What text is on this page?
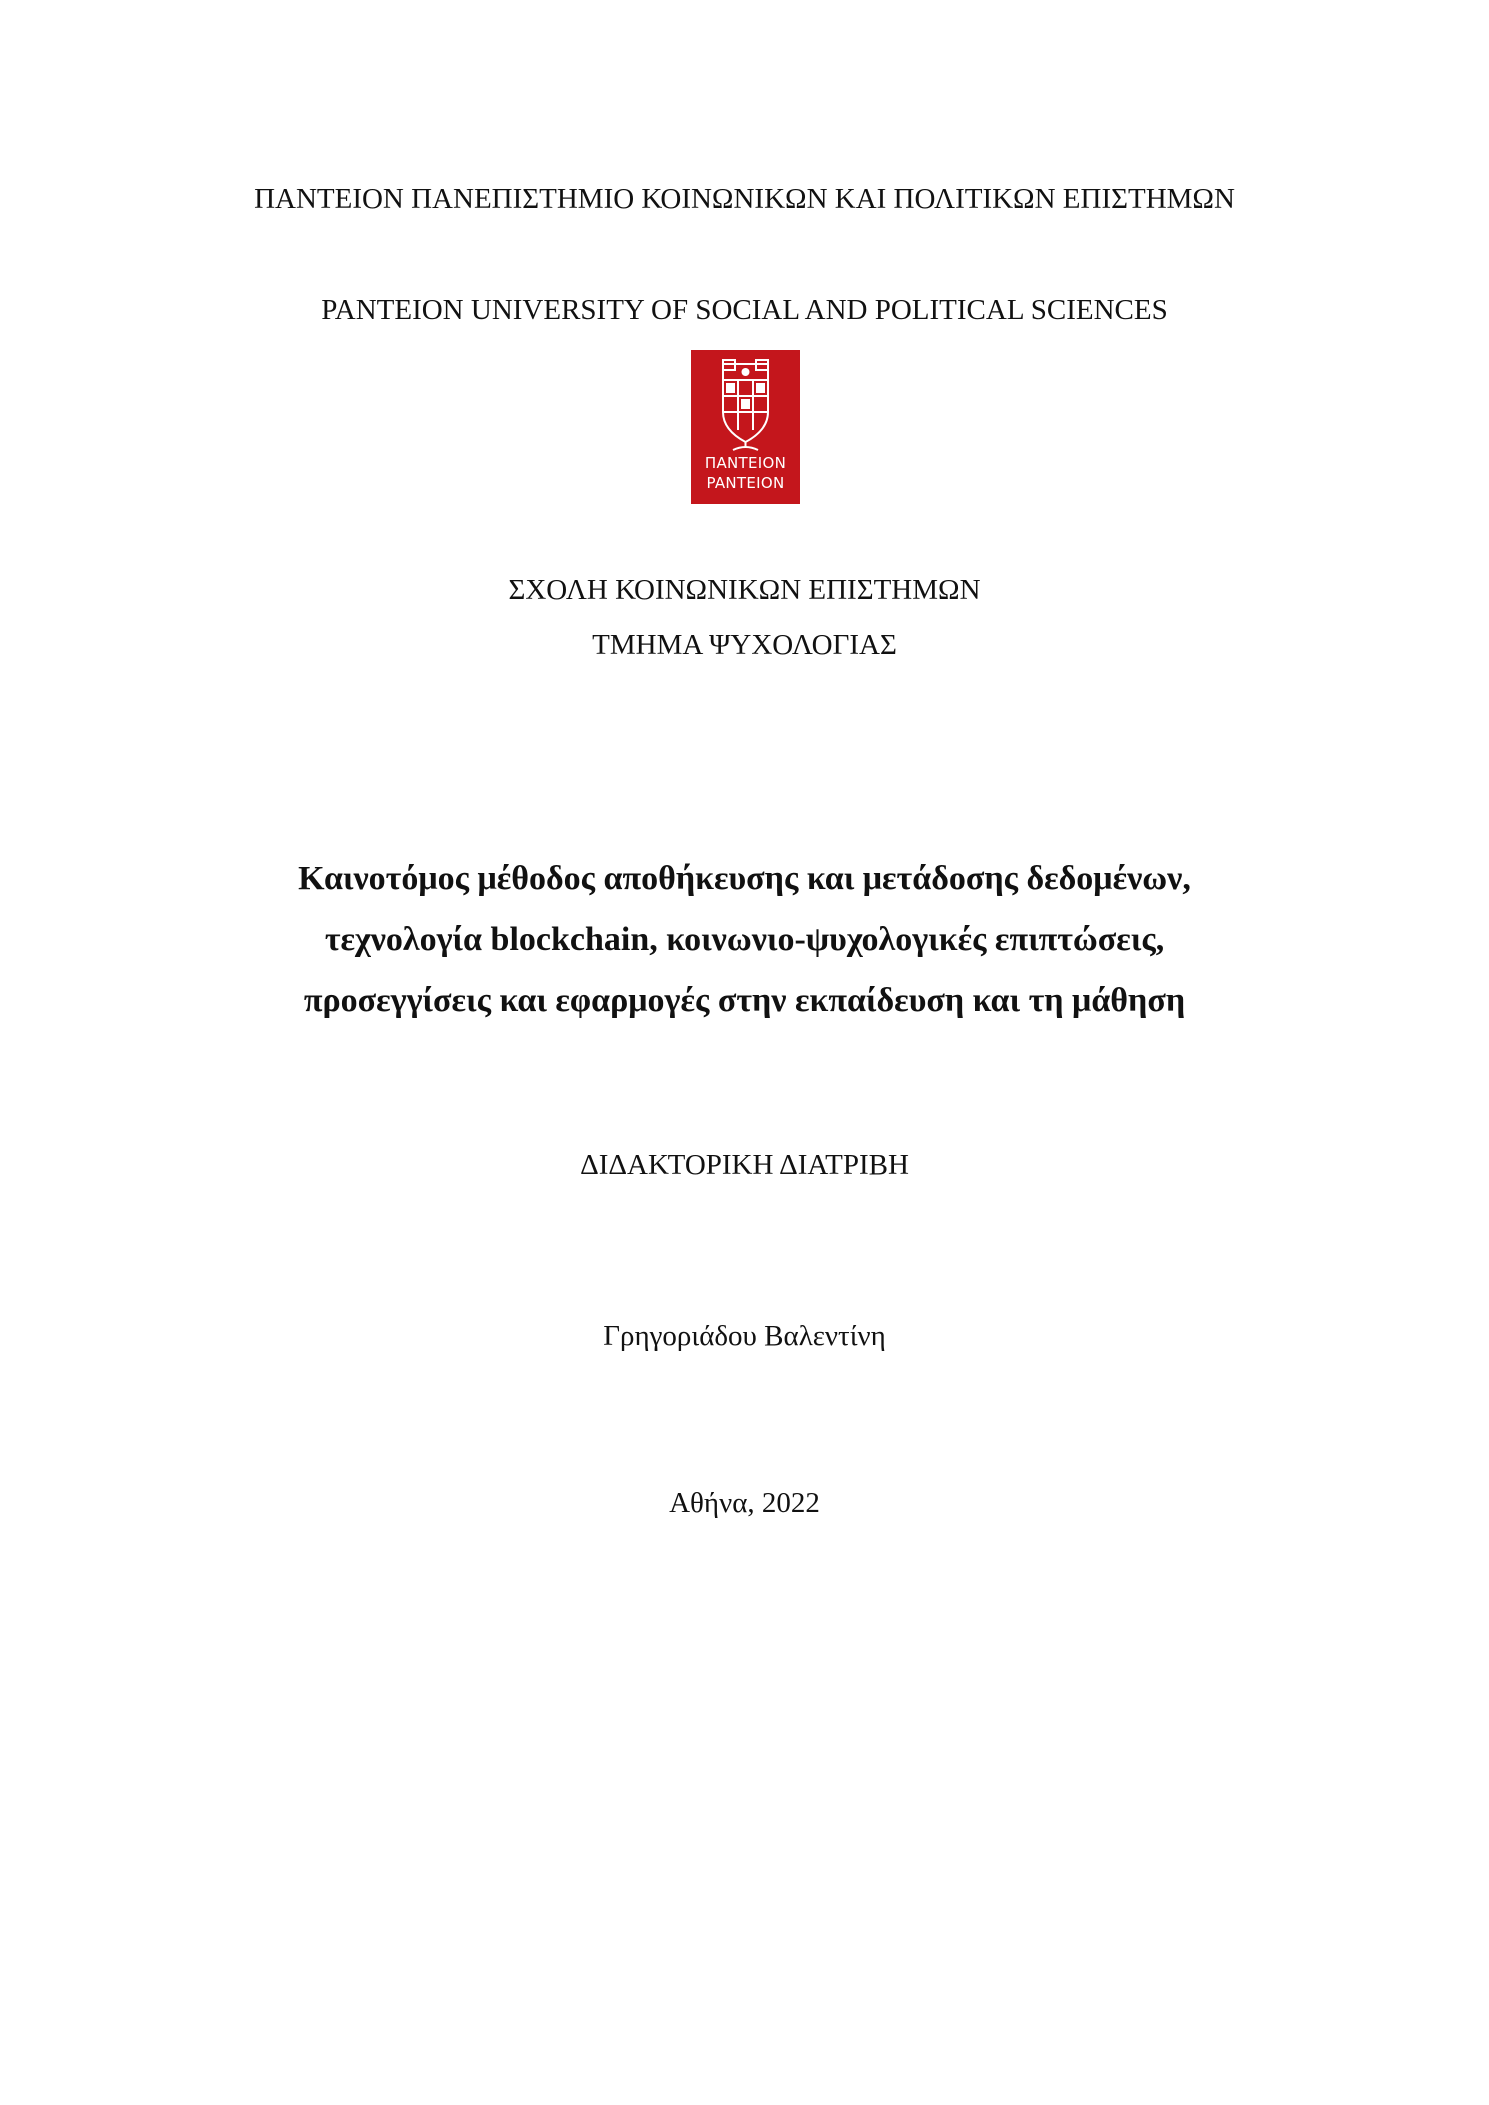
ΠΑΝΤΕΙΟΝ ΠΑΝΕΠΙΣΤΗΜΙΟ ΚΟΙΝΩΝΙΚΩΝ ΚΑΙ ΠΟΛΙΤΙΚΩΝ ΕΠΙΣΤΗΜΩΝ
PANTEION UNIVERSITY OF SOCIAL AND POLITICAL SCIENCES
ΠΑΝΤΕΙΟΝ
PANTEION
ΣΧΟΛΗ ΚΟΙΝΩΝΙΚΩΝ ΕΠΙΣΤΗΜΩΝ
ΤΜΗΜΑ ΨΥΧΟΛΟΓΙΑΣ
Καινοτόμος μέθοδος αποθήκευσης και μετάδοσης δεδομένων,
τεχνολογία blockchain, κοινωνιο-ψυχολογικές επιπτώσεις,
προσεγγίσεις και εφαρμογές στην εκπαίδευση και τη μάθηση
ΔΙΔΑΚΤΟΡΙΚΗ ΔΙΑΤΡΙΒΗ
Γρηγοριάδου Βαλεντίνη
Αθήνα, 2022
